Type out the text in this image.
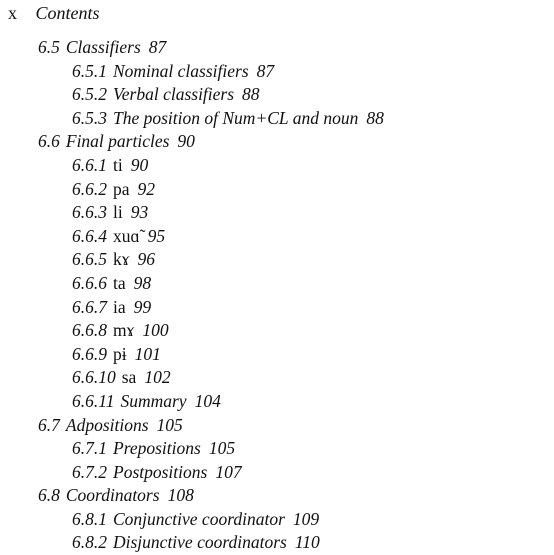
x Contents
6.5 Classifiers 87
6.5.1 Nominal classifiers 87
6.5.2 Verbal classifiers 88
6.5.3 The position of Num+CL and noun 88
6.6 Final particles 90
6.6.1 ti 90
6.6.2 pa 92
6.6.3 li 93
6.6.4 xuɑ̃ 95
6.6.5 kɤ 96
6.6.6 ta 98
6.6.7 ia 99
6.6.8 mɤ 100
6.6.9 pɨ 101
6.6.10 sa 102
6.6.11 Summary 104
6.7 Adpositions 105
6.7.1 Prepositions 105
6.7.2 Postpositions 107
6.8 Coordinators 108
6.8.1 Conjunctive coordinator 109
6.8.2 Disjunctive coordinators 110
